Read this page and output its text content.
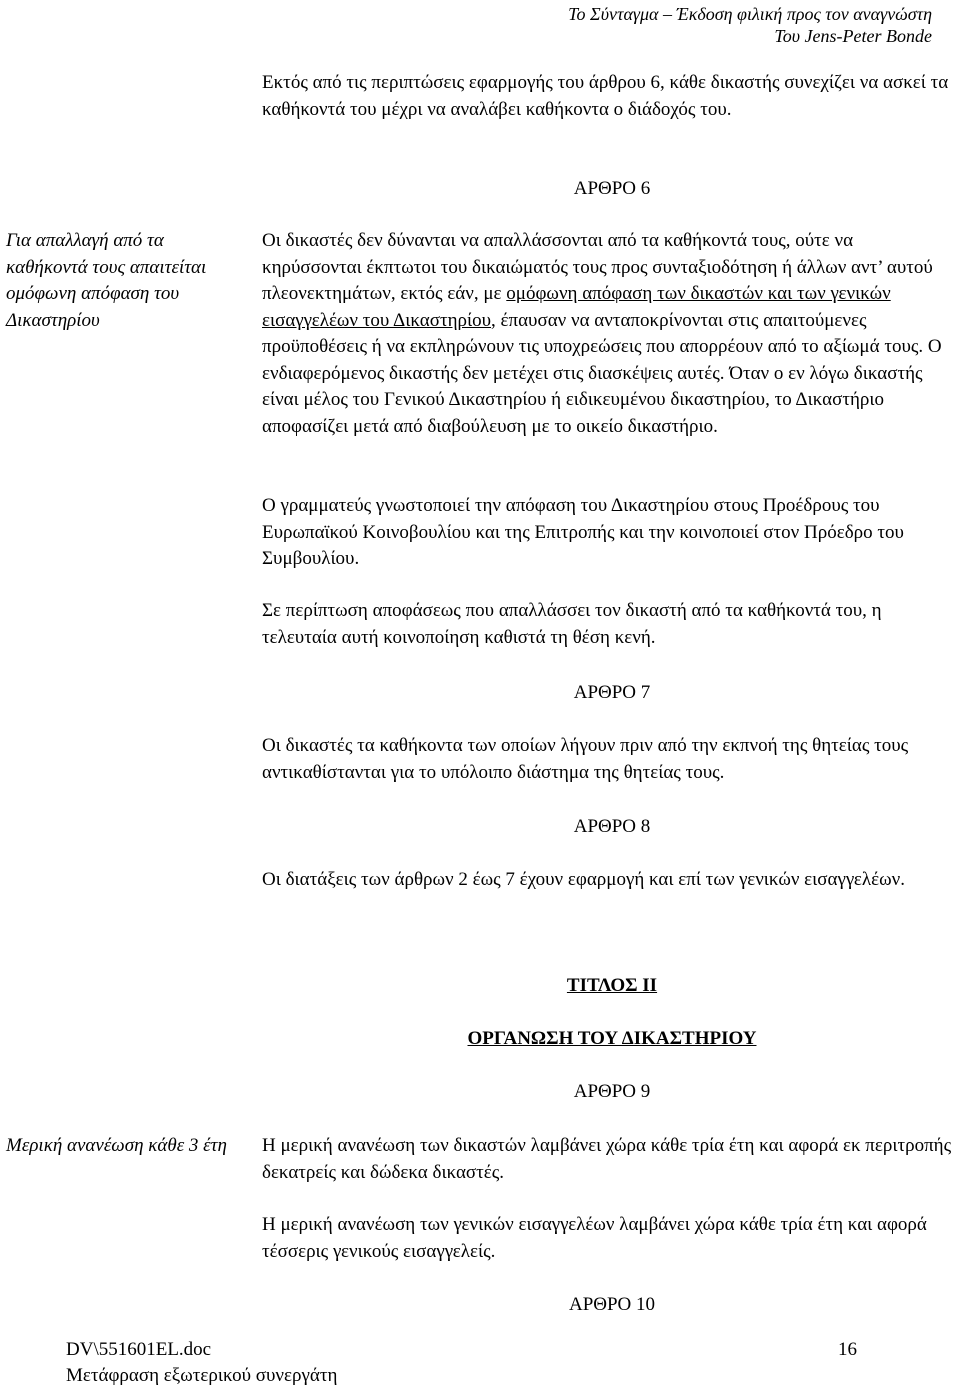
Το Σύνταγμα – Έκδοση φιλική προς τον αναγνώστη
Του Jens-Peter Bonde

Εκτός από τις περιπτώσεις εφαρμογής του άρθρου 6, κάθε δικαστής συνεχίζει να ασκεί τα καθήκοντά του μέχρι να αναλάβει καθήκοντα ο διάδοχός του.

ΑΡΘΡΟ 6

Για απαλλαγή από τα καθήκοντά τους απαιτείται ομόφωνη απόφαση του Δικαστηρίου

Οι δικαστές δεν δύνανται να απαλλάσσονται από τα καθήκοντά τους, ούτε να κηρύσσονται έκπτωτοι του δικαιώματός τους προς συνταξιοδότηση ή άλλων αντ’ αυτού πλεονεκτημάτων, εκτός εάν, με ομόφωνη απόφαση των δικαστών και των γενικών εισαγγελέων του Δικαστηρίου, έπαυσαν να ανταποκρίνονται στις απαιτούμενες προϋποθέσεις ή να εκπληρώνουν τις υποχρεώσεις που απορρέουν από το αξίωμά τους. Ο ενδιαφερόμενος δικαστής δεν μετέχει στις διασκέψεις αυτές. Όταν ο εν λόγω δικαστής είναι μέλος του Γενικού Δικαστηρίου ή ειδικευμένου δικαστηρίου, το Δικαστήριο αποφασίζει μετά από διαβούλευση με το οικείο δικαστήριο.

Ο γραμματεύς γνωστοποιεί την απόφαση του Δικαστηρίου στους Προέδρους του Ευρωπαϊκού Κοινοβουλίου και της Επιτροπής και την κοινοποιεί στον Πρόεδρο του Συμβουλίου.

Σε περίπτωση αποφάσεως που απαλλάσσει τον δικαστή από τα καθήκοντά του, η τελευταία αυτή κοινοποίηση καθιστά τη θέση κενή.

ΑΡΘΡΟ 7

Οι δικαστές τα καθήκοντα των οποίων λήγουν πριν από την εκπνοή της θητείας τους αντικαθίστανται για το υπόλοιπο διάστημα της θητείας τους.

ΑΡΘΡΟ 8

Οι διατάξεις των άρθρων 2 έως 7 έχουν εφαρμογή και επί των γενικών εισαγγελέων.

ΤΙΤΛΟΣ ΙΙ
ΟΡΓΑΝΩΣΗ ΤΟΥ ΔΙΚΑΣΤΗΡΙΟΥ
ΑΡΘΡΟ 9

Μερική ανανέωση κάθε 3 έτη	Η μερική ανανέωση των δικαστών λαμβάνει χώρα κάθε τρία έτη και αφορά εκ περιτροπής δεκατρείς και δώδεκα δικαστές.

Η μερική ανανέωση των γενικών εισαγγελέων λαμβάνει χώρα κάθε τρία έτη και αφορά τέσσερις γενικούς εισαγγελείς.

ΑΡΘΡΟ 10
DV\551601EL.doc
Μετάφραση εξωτερικού συνεργάτη
16
